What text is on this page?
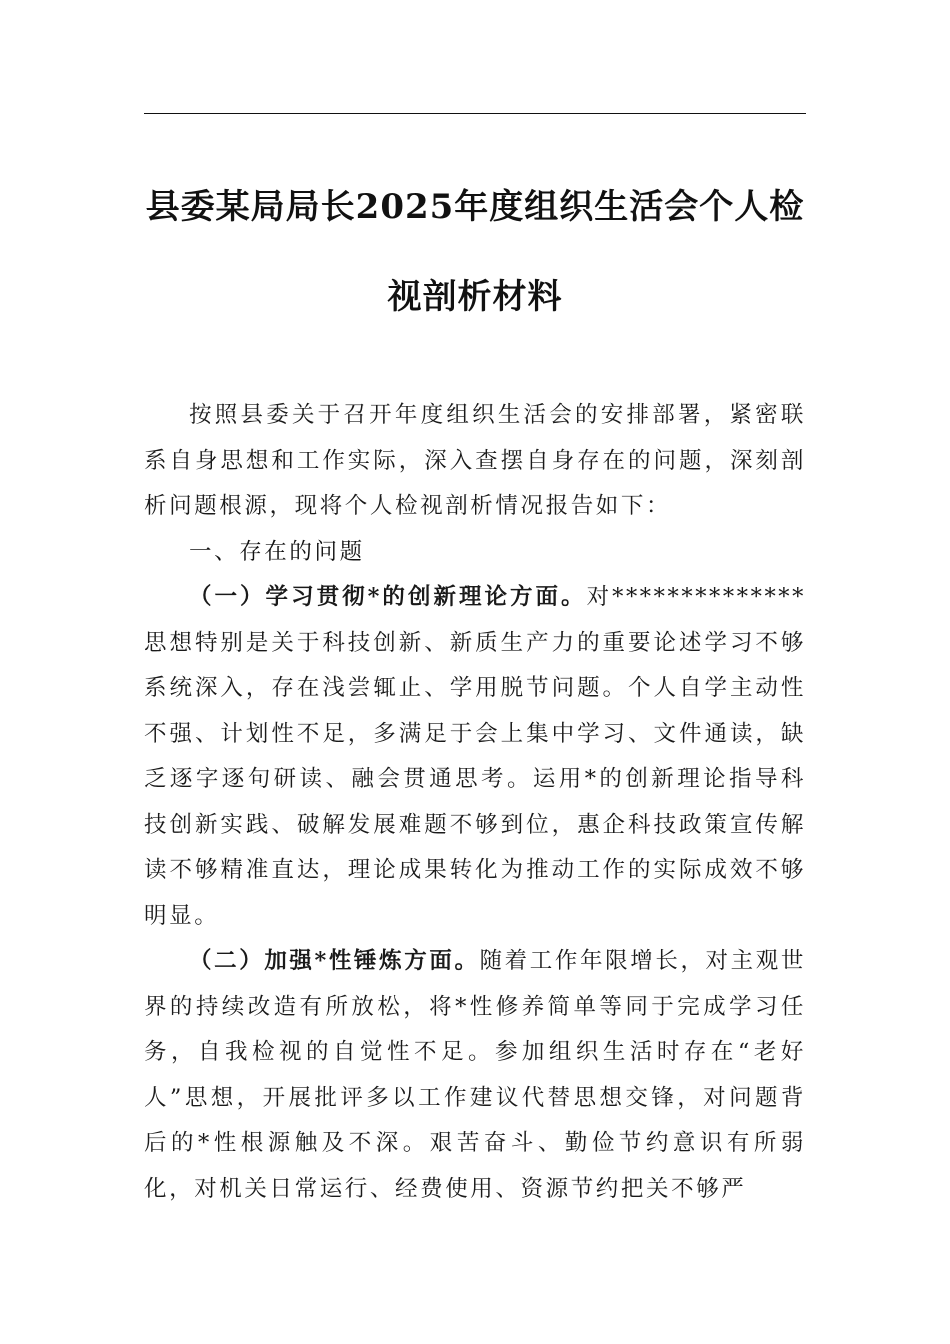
县委某局局长2025年度组织生活会个人检视剖析材料

按照县委关于召开年度组织生活会的安排部署，紧密联系自身思想和工作实际，深入查摆自身存在的问题，深刻剖析问题根源，现将个人检视剖析情况报告如下：

一、存在的问题

（一）学习贯彻*的创新理论方面。对**************思想特别是关于科技创新、新质生产力的重要论述学习不够系统深入，存在浅尝辄止、学用脱节问题。个人自学主动性不强、计划性不足，多满足于会上集中学习、文件通读，缺乏逐字逐句研读、融会贯通思考。运用*的创新理论指导科技创新实践、破解发展难题不够到位，惠企科技政策宣传解读不够精准直达，理论成果转化为推动工作的实际成效不够明显。

（二）加强*性锤炼方面。随着工作年限增长，对主观世界的持续改造有所放松，将*性修养简单等同于完成学习任务，自我检视的自觉性不足。参加组织生活时存在“老好人”思想，开展批评多以工作建议代替思想交锋，对问题背后的*性根源触及不深。艰苦奋斗、勤俭节约意识有所弱化，对机关日常运行、经费使用、资源节约把关不够严
